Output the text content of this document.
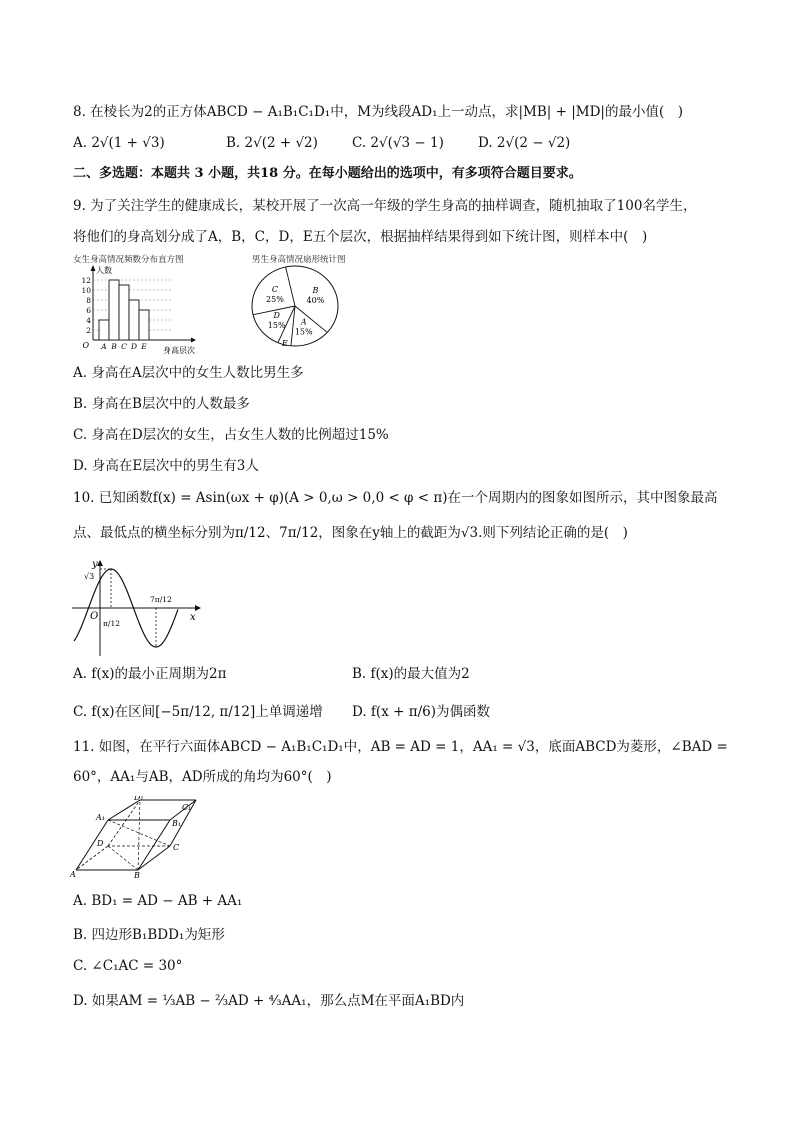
8. 在棱长为2的正方体ABCD − A₁B₁C₁D₁中，M为线段AD₁上一动点，求|MB| + |MD|的最小值(　)
A. 2√(1 + √3)	B. 2√(2 + √2)	C. 2√(√3 − 1)	D. 2√(2 − √2)
二、多选题：本题共 3 小题，共18 分。在每小题给出的选项中，有多项符合题目要求。
9. 为了关注学生的健康成长，某校开展了一次高一年级的学生身高的抽样调查，随机抽取了100名学生，
将他们的身高划分成了A，B，C，D，E五个层次，根据抽样结果得到如下统计图，则样本中(　)
女生身高情况频数分布直方图	男生身高情况扇形统计图
2
4
6
8
10
12
A B C D E
O
人数
身高层次
B
40%
A
15%
E
D
15%
C
25%
A. 身高在A层次中的女生人数比男生多
B. 身高在B层次中的人数最多
C. 身高在D层次的女生，占女生人数的比例超过15%
D. 身高在E层次中的男生有3人
10. 已知函数f(x) = Asin(ωx + φ)(A > 0,ω > 0,0 < φ < π)在一个周期内的图象如图所示，其中图象最高
点、最低点的横坐标分别为π/12、7π/12，图象在y轴上的截距为√3.则下列结论正确的是(　)
y
x
O
√3
π/12
7π/12
A. f(x)的最小正周期为2π	B. f(x)的最大值为2
C. f(x)在区间[−5π/12, π/12]上单调递增 D. f(x + π/6)为偶函数
11. 如图，在平行六面体ABCD − A₁B₁C₁D₁中，AB = AD = 1，AA₁ = √3，底面ABCD为菱形，∠BAD =
60°，AA₁与AB，AD所成的角均为60°(　)
A	B
C
D
A₁
B₁
C₁
D₁
A. BD₁ = AD − AB + AA₁
B. 四边形B₁BDD₁为矩形
C. ∠C₁AC = 30°
D. 如果AM = ⅓AB − ⅔AD + ⁴⁄₃AA₁，那么点M在平面A₁BD内
